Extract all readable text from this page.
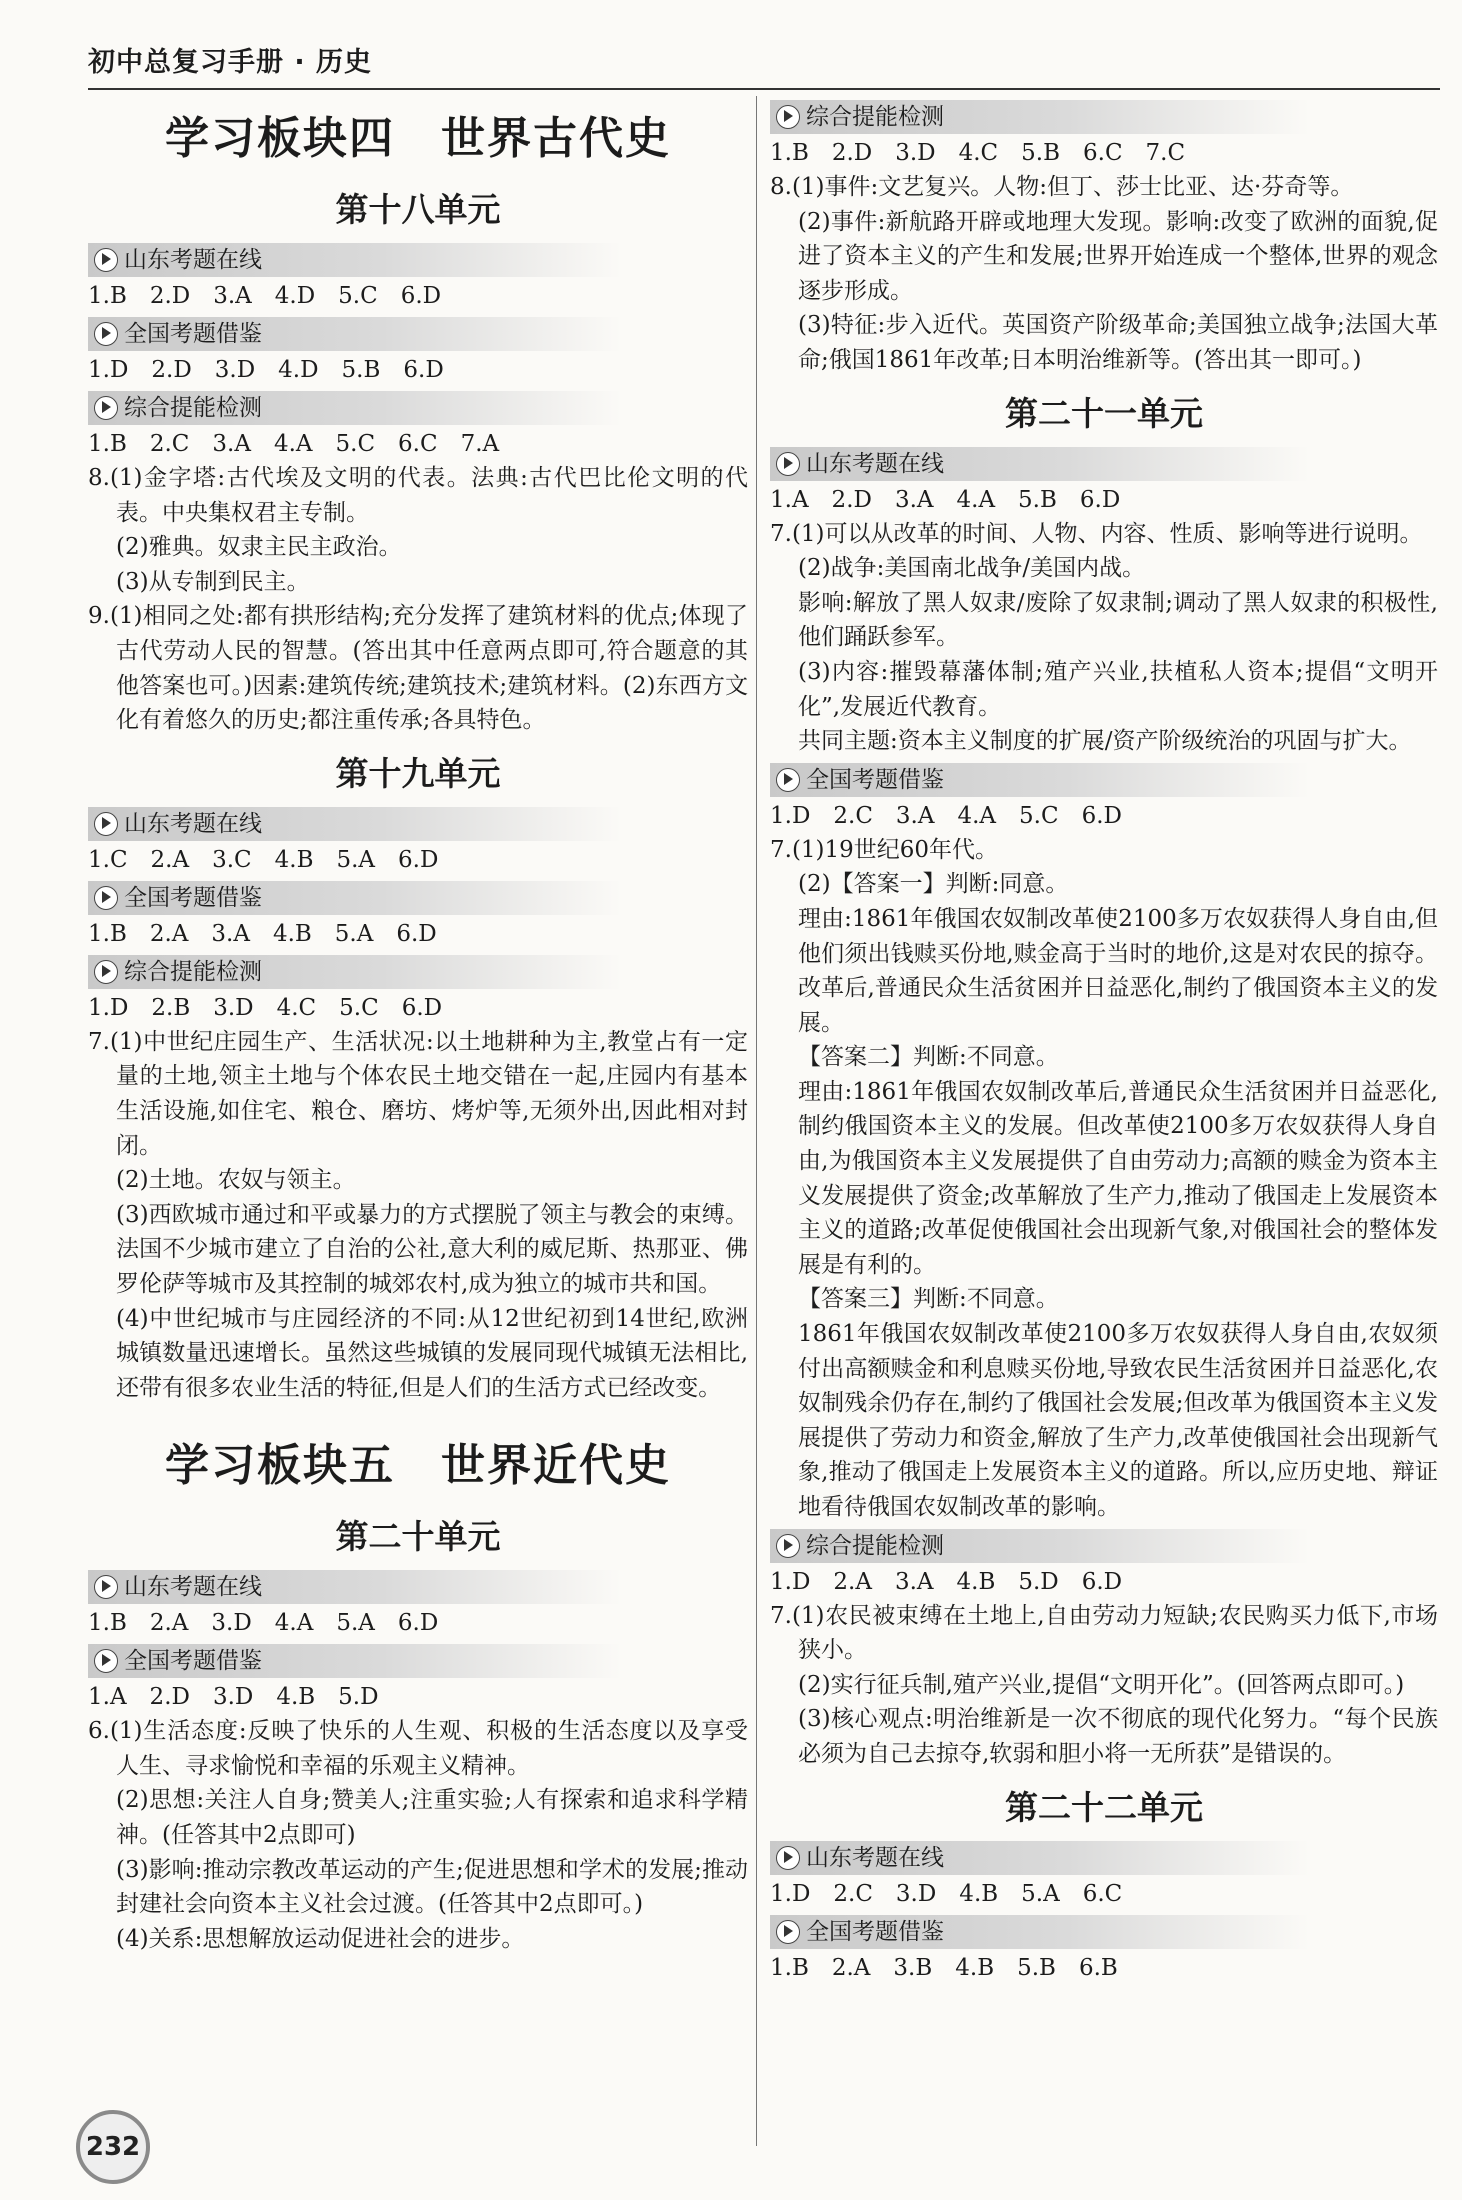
初中总复习手册 · 历史
学习板块四　世界古代史
第十八单元
山东考题在线

1.B　2.D　3.A　4.D　5.C　6.D

全国考题借鉴

1.D　2.D　3.D　4.D　5.B　6.D

综合提能检测

1.B　2.C　3.A　4.A　5.C　6.C　7.A

8.(1)金字塔:古代埃及文明的代表。法典:古代巴比伦文明的代表。中央集权君主专制。
(2)雅典。奴隶主民主政治。
(3)从专制到民主。
9.(1)相同之处:都有拱形结构;充分发挥了建筑材料的优点;体现了古代劳动人民的智慧。(答出其中任意两点即可,符合题意的其他答案也可。)因素:建筑传统;建筑技术;建筑材料。(2)东西方文化有着悠久的历史;都注重传承;各具特色。

第十九单元
山东考题在线

1.C　2.A　3.C　4.B　5.A　6.D

全国考题借鉴

1.B　2.A　3.A　4.B　5.A　6.D

综合提能检测

1.D　2.B　3.D　4.C　5.C　6.D

7.(1)中世纪庄园生产、生活状况:以土地耕种为主,教堂占有一定量的土地,领主土地与个体农民土地交错在一起,庄园内有基本生活设施,如住宅、粮仓、磨坊、烤炉等,无须外出,因此相对封闭。
(2)土地。农奴与领主。
(3)西欧城市通过和平或暴力的方式摆脱了领主与教会的束缚。法国不少城市建立了自治的公社,意大利的威尼斯、热那亚、佛罗伦萨等城市及其控制的城郊农村,成为独立的城市共和国。
(4)中世纪城市与庄园经济的不同:从12世纪初到14世纪,欧洲城镇数量迅速增长。虽然这些城镇的发展同现代城镇无法相比,还带有很多农业生活的特征,但是人们的生活方式已经改变。

学习板块五　世界近代史
第二十单元
山东考题在线

1.B　2.A　3.D　4.A　5.A　6.D

全国考题借鉴

1.A　2.D　3.D　4.B　5.D

6.(1)生活态度:反映了快乐的人生观、积极的生活态度以及享受人生、寻求愉悦和幸福的乐观主义精神。
(2)思想:关注人自身;赞美人;注重实验;人有探索和追求科学精神。(任答其中2点即可)
(3)影响:推动宗教改革运动的产生;促进思想和学术的发展;推动封建社会向资本主义社会过渡。(任答其中2点即可。)
(4)关系:思想解放运动促进社会的进步。

综合提能检测

1.B　2.D　3.D　4.C　5.B　6.C　7.C

8.(1)事件:文艺复兴。人物:但丁、莎士比亚、达·芬奇等。
(2)事件:新航路开辟或地理大发现。影响:改变了欧洲的面貌,促进了资本主义的产生和发展;世界开始连成一个整体,世界的观念逐步形成。
(3)特征:步入近代。英国资产阶级革命;美国独立战争;法国大革命;俄国1861年改革;日本明治维新等。(答出其一即可。)

第二十一单元
山东考题在线

1.A　2.D　3.A　4.A　5.B　6.D

7.(1)可以从改革的时间、人物、内容、性质、影响等进行说明。
(2)战争:美国南北战争/美国内战。
影响:解放了黑人奴隶/废除了奴隶制;调动了黑人奴隶的积极性,他们踊跃参军。
(3)内容:摧毁幕藩体制;殖产兴业,扶植私人资本;提倡“文明开化”,发展近代教育。
共同主题:资本主义制度的扩展/资产阶级统治的巩固与扩大。

全国考题借鉴

1.D　2.C　3.A　4.A　5.C　6.D

7.(1)19世纪60年代。
(2)【答案一】判断:同意。
理由:1861年俄国农奴制改革使2100多万农奴获得人身自由,但他们须出钱赎买份地,赎金高于当时的地价,这是对农民的掠夺。改革后,普通民众生活贫困并日益恶化,制约了俄国资本主义的发展。
【答案二】判断:不同意。
理由:1861年俄国农奴制改革后,普通民众生活贫困并日益恶化,制约俄国资本主义的发展。但改革使2100多万农奴获得人身自由,为俄国资本主义发展提供了自由劳动力;高额的赎金为资本主义发展提供了资金;改革解放了生产力,推动了俄国走上发展资本主义的道路;改革促使俄国社会出现新气象,对俄国社会的整体发展是有利的。
【答案三】判断:不同意。
1861年俄国农奴制改革使2100多万农奴获得人身自由,农奴须付出高额赎金和利息赎买份地,导致农民生活贫困并日益恶化,农奴制残余仍存在,制约了俄国社会发展;但改革为俄国资本主义发展提供了劳动力和资金,解放了生产力,改革使俄国社会出现新气象,推动了俄国走上发展资本主义的道路。所以,应历史地、辩证地看待俄国农奴制改革的影响。

综合提能检测

1.D　2.A　3.A　4.B　5.D　6.D

7.(1)农民被束缚在土地上,自由劳动力短缺;农民购买力低下,市场狭小。
(2)实行征兵制,殖产兴业,提倡“文明开化”。(回答两点即可。)
(3)核心观点:明治维新是一次不彻底的现代化努力。“每个民族必须为自己去掠夺,软弱和胆小将一无所获”是错误的。

第二十二单元
山东考题在线

1.D　2.C　3.D　4.B　5.A　6.C

全国考题借鉴

1.B　2.A　3.B　4.B　5.B　6.B

232
